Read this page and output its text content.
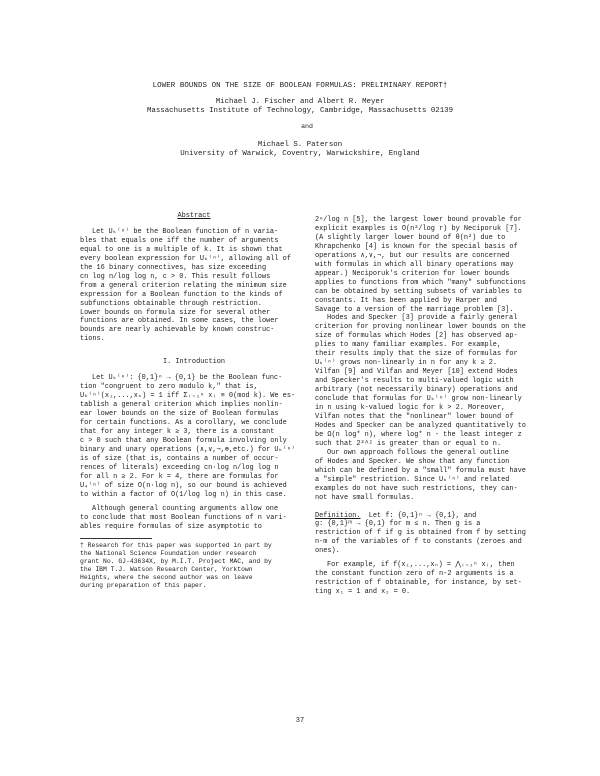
LOWER BOUNDS ON THE SIZE OF BOOLEAN FORMULAS: PRELIMINARY REPORT†

Michael J. Fischer and Albert R. Meyer

Massachusetts Institute of Technology, Cambridge, Massachusetts 02139

and

Michael S. Paterson

University of Warwick, Coventry, Warwickshire, England

Abstract

Let Uₖ⁽ⁿ⁾ be the Boolean function of n varia-

bles that equals one iff the number of arguments

equal to one is a multiple of k. It is shown that

every boolean expression for Uₖ⁽ⁿ⁾, allowing all of

the 16 binary connectives, has size exceeding

cn log n/log log n, c > 0. This result follows

from a general criterion relating the minimum size

expression for a Boolean function to the kinds of

subfunctions obtainable through restriction.

Lower bounds on formula size for several other

functions are obtained. In some cases, the lower

bounds are nearly achievable by known construc-

tions.

I. Introduction

Let Uₖ⁽ⁿ⁾: {0,1}ⁿ → {0,1} be the Boolean func-

tion "congruent to zero modulo k," that is,

Uₖ⁽ⁿ⁾(x₁,...,xₙ) = 1 iff Σᵢ₌₁ⁿ xᵢ ≡ 0(mod k). We es-

tablish a general criterion which implies nonlin-

ear lower bounds on the size of Boolean formulas

for certain functions. As a corollary, we conclude

that for any integer k ≥ 3, there is a constant

c > 0 such that any Boolean formula involving only

binary and unary operations (∧,∨,¬,⊕,etc.) for Uₖ⁽ⁿ⁾

is of size (that is, contains a number of occur-

rences of literals) exceeding cn·log n/log log n

for all n ≥ 2. For k = 4, there are formulas for

U₄⁽ⁿ⁾ of size O(n·log n), so our bound is achieved

to within a factor of O(1/log log n) in this case.

Although general counting arguments allow one

to conclude that most Boolean functions of n vari-

ables require formulas of size asymptotic to

† Research for this paper was supported in part by

the National Science Foundation under research

grant No. GJ-43634X, by M.I.T. Project MAC, and by

the IBM T.J. Watson Research Center, Yorktown

Heights, where the second author was on leave

during preparation of this paper.

2ⁿ/log n [5], the largest lower bound provable for

explicit examples is O(n²/log r) by Neciporuk [7].

(A slightly larger lower bound of θ(n²) due to

Khrapchenko [4] is known for the special basis of

operations ∧,∨,¬, but our results are concerned

with formulas in which all binary operations may

appear.) Neciporuk's criterion for lower bounds

applies to functions from which "many" subfunctions

can be obtained by setting subsets of variables to

constants. It has been applied by Harper and

Savage to a version of the marriage problem [3].

Hodes and Specker [3] provide a fairly general

criterion for proving nonlinear lower bounds on the

size of formulas which Hodes [2] has observed ap-

plies to many familiar examples. For example,

their results imply that the size of formulas for

Uₖ⁽ⁿ⁾ grows non-linearly in n for any k ≥ 2.

Vilfan [9] and Vilfan and Meyer [10] extend Hodes

and Specker's results to multi-valued logic with

arbitrary (not necessarily binary) operations and

conclude that formulas for Uₖ⁽ⁿ⁾ grow non-linearly

in n using k-valued logic for k > 2. Moreover,

Vilfan notes that the "nonlinear" lower bound of

Hodes and Specker can be analyzed quantitatively to

be Ω(n log* n), where log* n - the least integer z

such that 2²^ᶻ is greater than or equal to n.

Our own approach follows the general outline

of Hodes and Specker. We show that any function

which can be defined by a "small" formula must have

a "simple" restriction. Since Uₖ⁽ⁿ⁾ and related

examples do not have such restrictions, they can-

not have small formulas.

Definition. Let f: {0,1}ⁿ → {0,1}, and

g: {0,1}ᵐ → {0,1} for m ≤ n. Then g is a

restriction of f if g is obtained from f by setting

n-m of the variables of f to constants (zeroes and

ones).

For example, if f(x₁,...,xₙ) = ⋀ᵢ₌₁ⁿ xᵢ, then

the constant function zero of n-2 arguments is a

restriction of f obtainable, for instance, by set-

ting x₁ = 1 and x₂ = 0.

37
